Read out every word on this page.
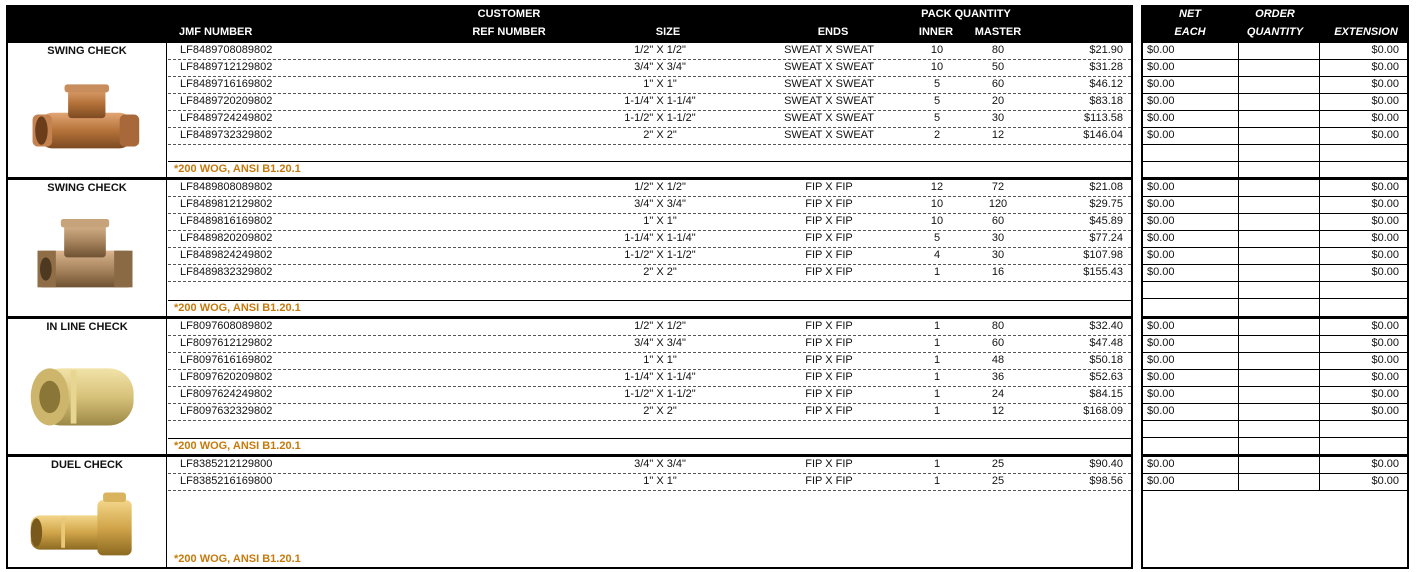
CUSTOMER
REF NUMBER
JMF NUMBER	SIZE	ENDS
PACK QUANTITY
INNER MASTER
NET
EACH
ORDER
QUANTITY	EXTENSION
SWING CHECK	LF8489708089802	1/2" X 1/2"	SWEAT X SWEAT	10	80	$21.90
LF8489712129802	3/4" X 3/4"	SWEAT X SWEAT	10	50	$31.28
LF8489716169802	1" X 1"	SWEAT X SWEAT	5	60	$46.12
LF8489720209802	1-1/4" X 1-1/4"	SWEAT X SWEAT	5	20	$83.18
LF8489724249802	1-1/2" X 1-1/2"	SWEAT X SWEAT	5	30	$113.58
LF8489732329802	2" X 2"	SWEAT X SWEAT	2	12	$146.04
*200 WOG, ANSI B1.20.1
$0.00	$0.00
$0.00	$0.00
$0.00	$0.00
$0.00	$0.00
$0.00	$0.00
$0.00	$0.00
SWING CHECK	LF8489808089802	1/2" X 1/2"	FIP X FIP	12	72	$21.08
LF8489812129802	3/4" X 3/4"	FIP X FIP	10	120	$29.75
LF8489816169802	1" X 1"	FIP X FIP	10	60	$45.89
LF8489820209802	1-1/4" X 1-1/4"	FIP X FIP	5	30	$77.24
LF8489824249802	1-1/2" X 1-1/2"	FIP X FIP	4	30	$107.98
LF8489832329802	2" X 2"	FIP X FIP	1	16	$155.43
*200 WOG, ANSI B1.20.1
$0.00	$0.00
$0.00	$0.00
$0.00	$0.00
$0.00	$0.00
$0.00	$0.00
$0.00	$0.00
IN LINE CHECK	LF8097608089802	1/2" X 1/2"	FIP X FIP	1	80	$32.40
LF8097612129802	3/4" X 3/4"	FIP X FIP	1	60	$47.48
LF8097616169802	1" X 1"	FIP X FIP	1	48	$50.18
LF8097620209802	1-1/4" X 1-1/4"	FIP X FIP	1	36	$52.63
LF8097624249802	1-1/2" X 1-1/2"	FIP X FIP	1	24	$84.15
LF8097632329802	2" X 2"	FIP X FIP	1	12	$168.09
*200 WOG, ANSI B1.20.1
$0.00	$0.00
$0.00	$0.00
$0.00	$0.00
$0.00	$0.00
$0.00	$0.00
$0.00	$0.00
DUEL CHECK	LF8385212129800	3/4" X 3/4"	FIP X FIP	1	25	$90.40
LF8385216169800	1" X 1"	FIP X FIP	1	25	$98.56
*200 WOG, ANSI B1.20.1
$0.00	$0.00
$0.00	$0.00
